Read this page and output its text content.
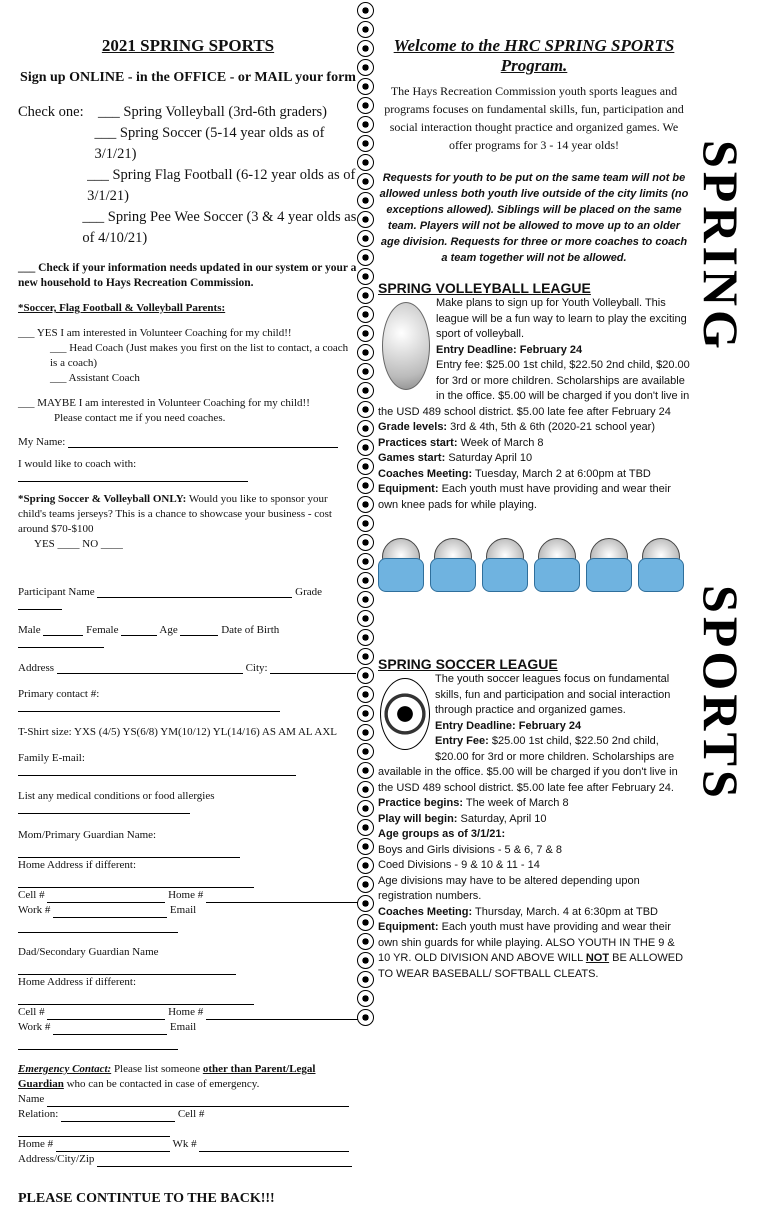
2021 SPRING SPORTS
Sign up ONLINE - in the OFFICE - or MAIL your form
Check one: ___ Spring Volleyball (3rd-6th graders)
___ Spring Soccer (5-14 year olds as of 3/1/21)
___ Spring Flag Football (6-12 year olds as of 3/1/21)
___ Spring Pee Wee Soccer (3 & 4 year olds as of 4/10/21)
___ Check if your information needs updated in our system or your a new household to Hays Recreation Commission.
*Soccer, Flag Football & Volleyball Parents:
___ YES I am interested in Volunteer Coaching for my child!!
___ Head Coach (Just makes you first on the list to contact, a coach is a coach)
___ Assistant Coach
___ MAYBE I am interested in Volunteer Coaching for my child!!
Please contact me if you need coaches.
My Name:
I would like to coach with:
*Spring Soccer & Volleyball ONLY: Would you like to sponsor your child's teams jerseys? This is a chance to showcase your business - cost around $70-$100
YES ____ NO ____
Participant Name	Grade
Male	Female	Age	Date of Birth
Address	City:
Primary contact #:
T-Shirt size: YXS (4/5) YS(6/8) YM(10/12) YL(14/16) AS AM AL AXL
Family E-mail:
List any medical conditions or food allergies
Mom/Primary Guardian Name:
Home Address if different:
Cell #	Home #
Work #	Email
Dad/Secondary Guardian Name
Home Address if different:
Cell #	Home #
Work #	Email
Emergency Contact: Please list someone other than Parent/Legal Guardian who can be contacted in case of emergency.
Name
Relation:	Cell #
Home #	Wk #
Address/City/Zip
PLEASE CONTINTUE TO THE BACK!!!
Welcome to the HRC SPRING SPORTS Program.
The Hays Recreation Commission youth sports leagues and programs focuses on fundamental skills, fun, participation and social interaction thought practice and organized games. We offer programs for 3 - 14 year olds!
Requests for youth to be put on the same team will not be allowed unless both youth live outside of the city limits (no exceptions allowed). Siblings will be placed on the same team. Players will not be allowed to move up to an older age division. Requests for three or more coaches to coach a team together will not be allowed.
SPRING VOLLEYBALL LEAGUE
Make plans to sign up for Youth Volleyball. This league will be a fun way to learn to play the exciting sport of volleyball.
Entry Deadline: February 24
Entry fee: $25.00 1st child, $22.50 2nd child, $20.00 for 3rd or more children. Scholarships are available in the office. $5.00 will be charged if you don't live in the USD 489 school district. $5.00 late fee after February 24
Grade levels: 3rd & 4th, 5th & 6th (2020-21 school year)
Practices start: Week of March 8
Games start: Saturday April 10
Coaches Meeting: Tuesday, March 2 at 6:00pm at TBD
Equipment: Each youth must have providing and wear their own knee pads for while playing.
SPRING SOCCER LEAGUE
The youth soccer leagues focus on fundamental skills, fun and participation and social interaction through practice and organized games.
Entry Deadline: February 24
Entry Fee: $25.00 1st child, $22.50 2nd child, $20.00 for 3rd or more children. Scholarships are available in the office. $5.00 will be charged if you don't live in the USD 489 school district. $5.00 late fee after February 24.
Practice begins: The week of March 8
Play will begin: Saturday, April 10
Age groups as of 3/1/21:
Boys and Girls divisions - 5 & 6, 7 & 8
Coed Divisions - 9 & 10 & 11 - 14
Age divisions may have to be altered depending upon registration numbers.
Coaches Meeting: Thursday, March. 4 at 6:30pm at TBD
Equipment: Each youth must have providing and wear their own shin guards for while playing. ALSO YOUTH IN THE 9 & 10 YR. OLD DIVISION AND ABOVE WILL NOT BE ALLOWED TO WEAR BASEBALL/ SOFTBALL CLEATS.
SPRING
SPORTS
